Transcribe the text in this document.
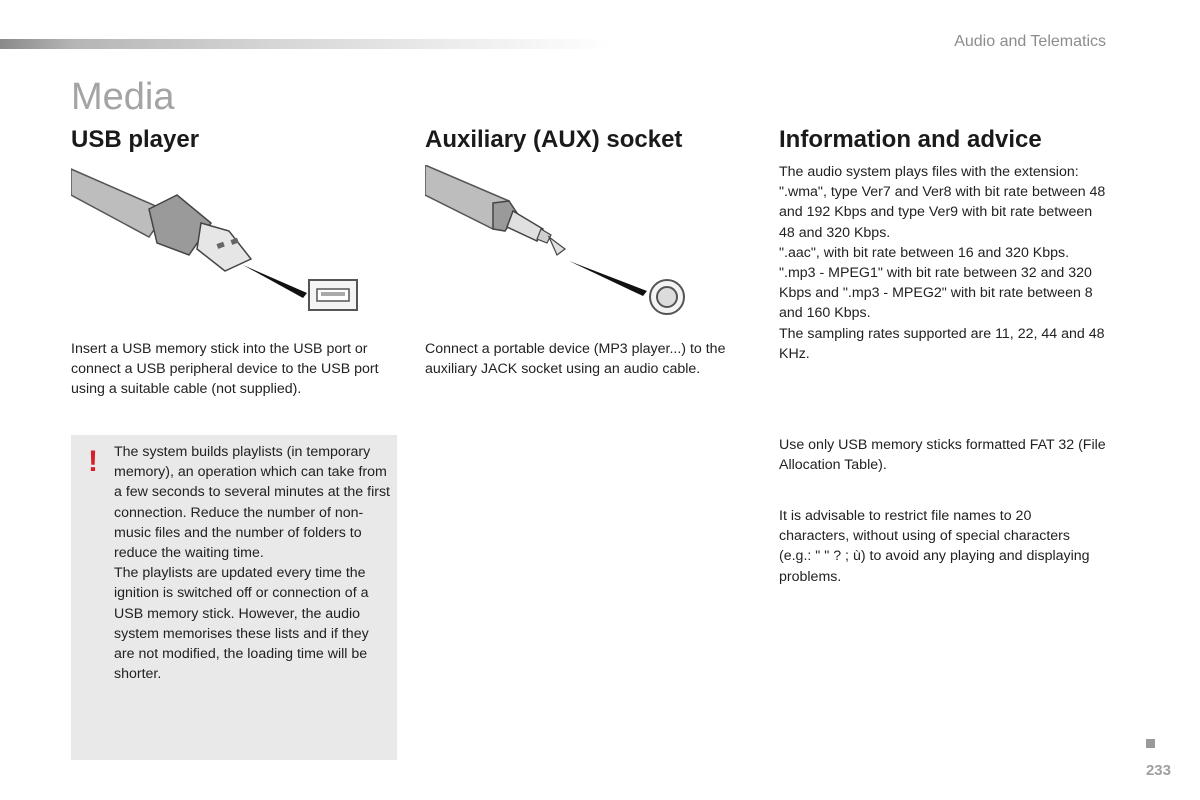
Audio and Telematics
Media
USB player

Insert a USB memory stick into the USB port or connect a USB peripheral device to the USB port using a suitable cable (not supplied).

! The system builds playlists (in temporary memory), an operation which can take from a few seconds to several minutes at the first connection. Reduce the number of non-music files and the number of folders to reduce the waiting time.
The playlists are updated every time the ignition is switched off or connection of a USB memory stick. However, the audio system memorises these lists and if they are not modified, the loading time will be shorter.

Auxiliary (AUX) socket

Connect a portable device (MP3 player...) to the auxiliary JACK socket using an audio cable.

Information and advice

The audio system plays files with the extension: ".wma", type Ver7 and Ver8 with bit rate between 48 and 192 Kbps and type Ver9 with bit rate between 48 and 320 Kbps.
".aac", with bit rate between 16 and 320 Kbps.
".mp3 - MPEG1" with bit rate between 32 and 320 Kbps and ".mp3 - MPEG2" with bit rate between 8 and 160 Kbps.
The sampling rates supported are 11, 22, 44 and 48 KHz.

Use only USB memory sticks formatted FAT 32 (File Allocation Table).

It is advisable to restrict file names to 20 characters, without using of special characters (e.g.: " " ? ; ù) to avoid any playing and displaying problems.

233
